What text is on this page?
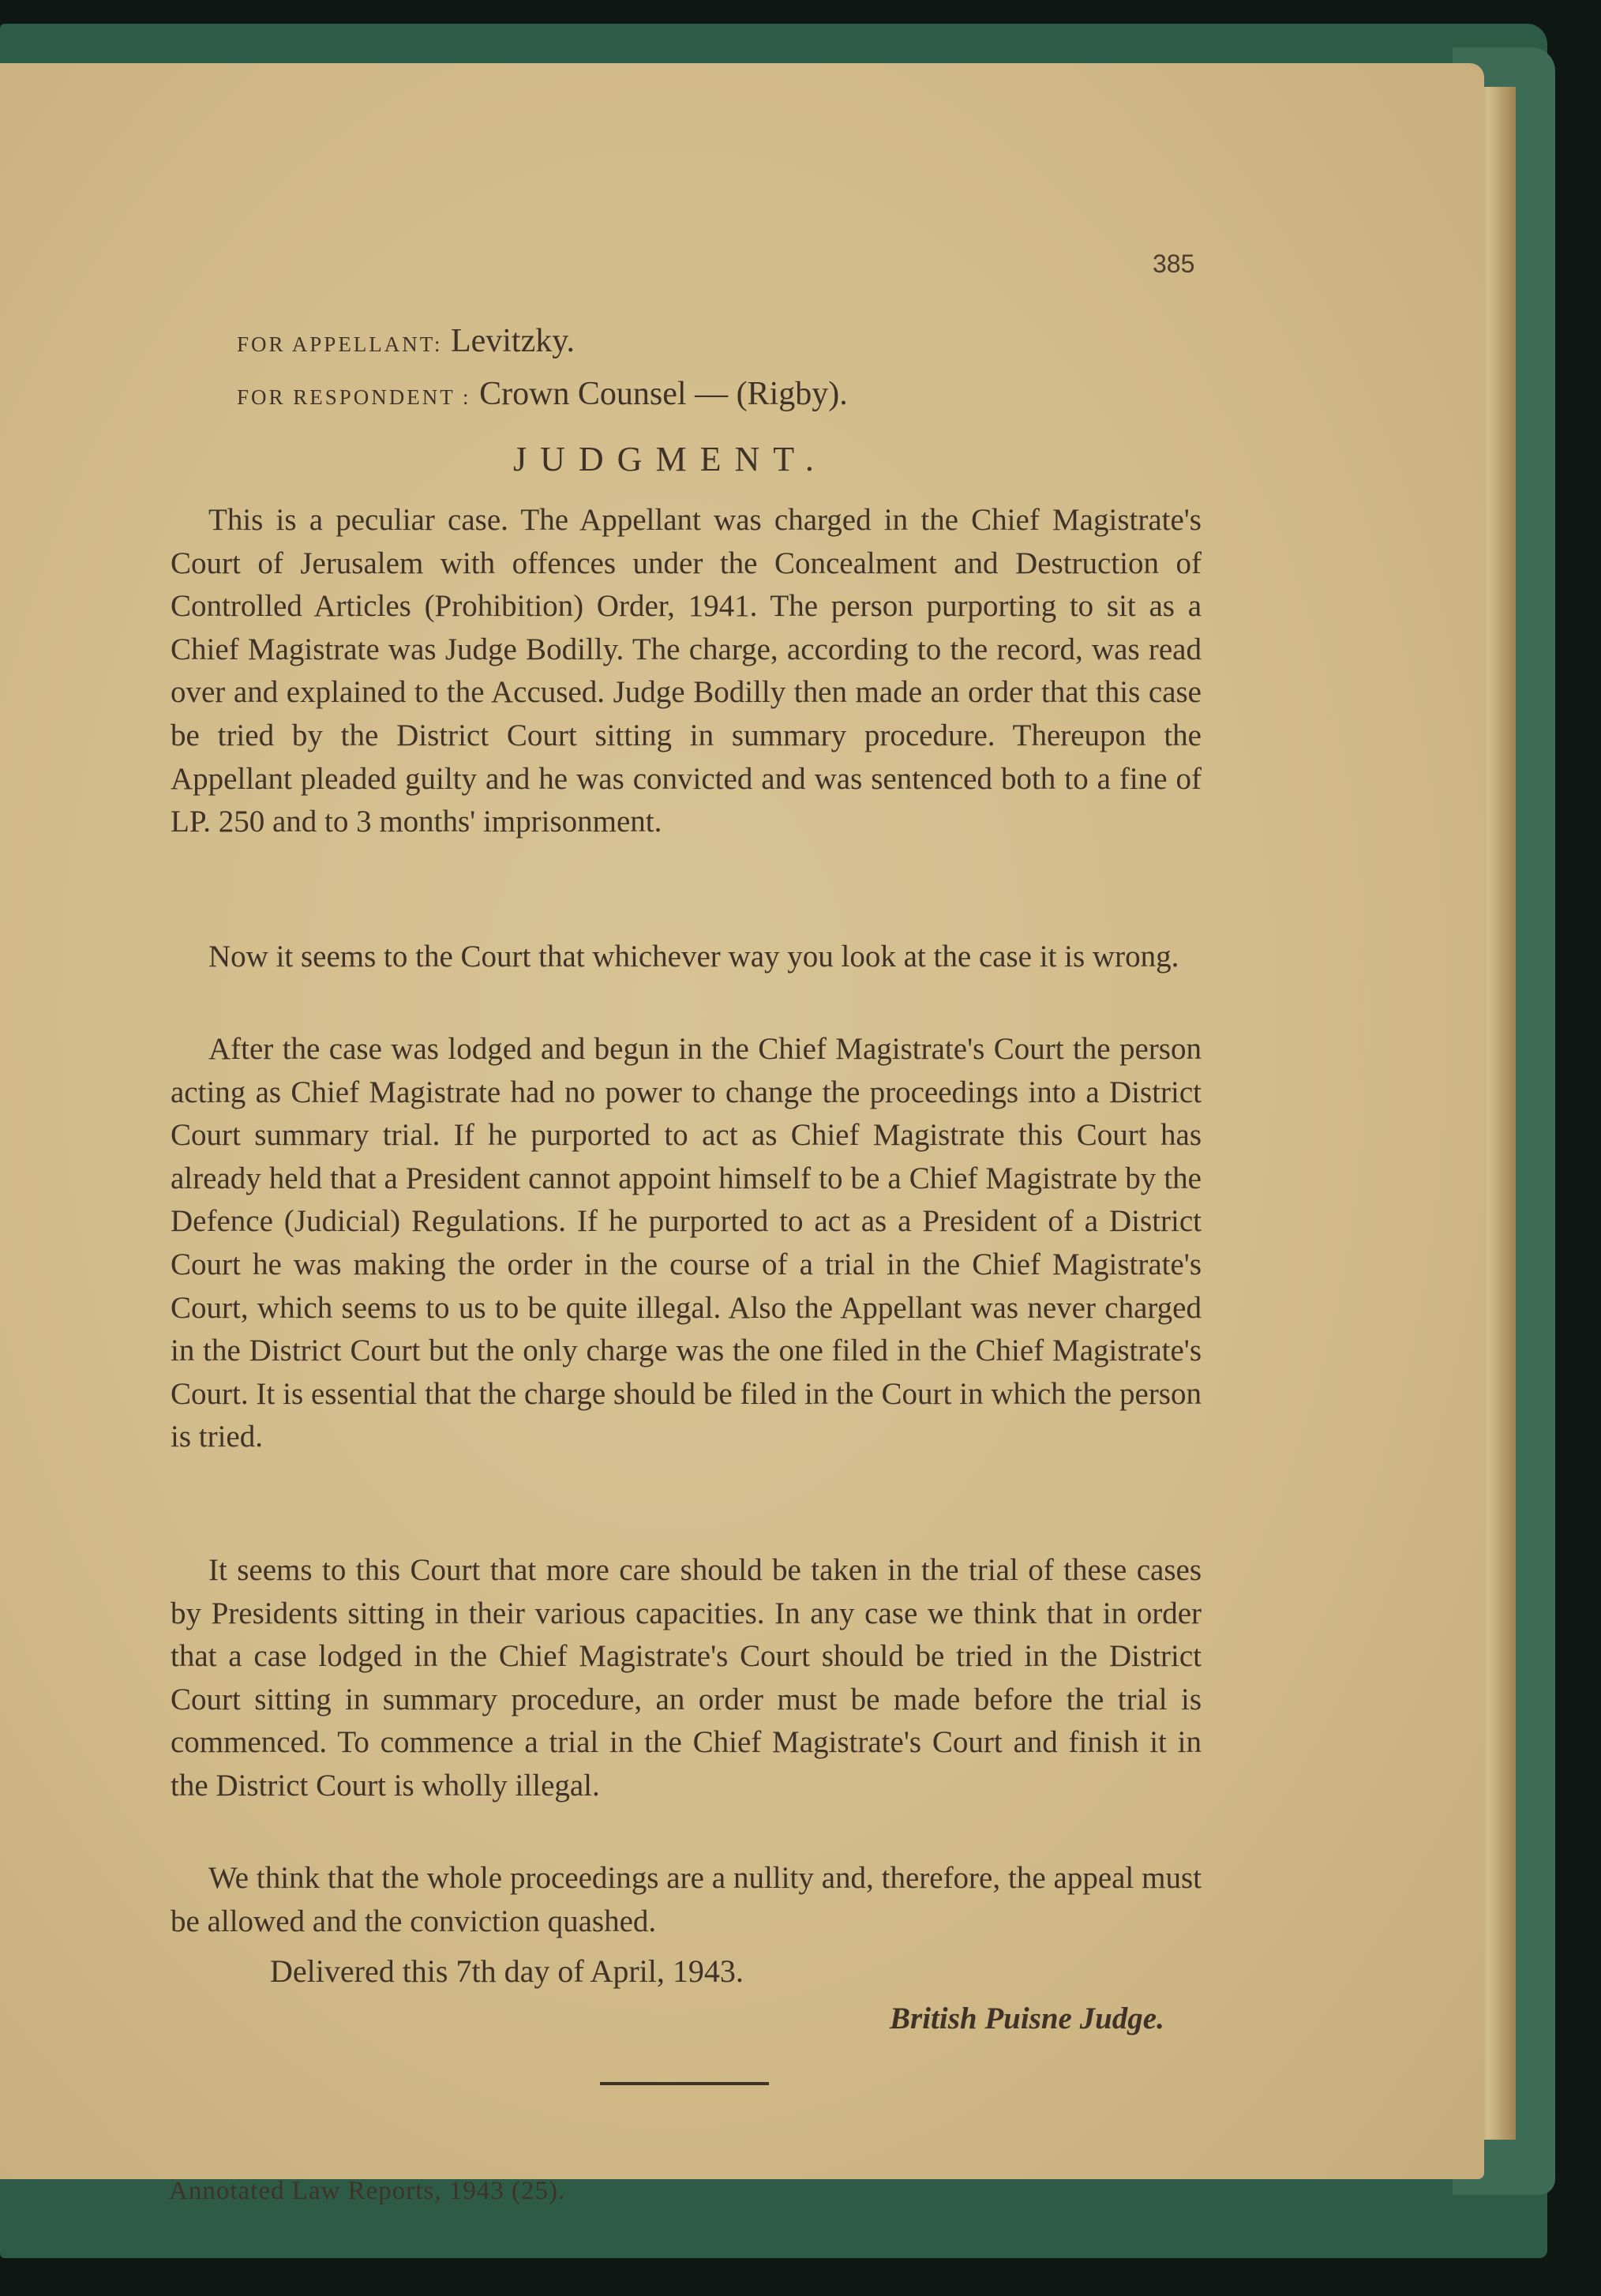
385
FOR APPELLANT: Levitzky.
FOR RESPONDENT : Crown Counsel — (Rigby).
JUDGMENT.

This is a peculiar case. The Appellant was charged in the Chief Magistrate's Court of Jerusalem with offences under the Concealment and Destruction of Controlled Articles (Prohibition) Order, 1941. The person purporting to sit as a Chief Magistrate was Judge Bodilly. The charge, according to the record, was read over and explained to the Accused. Judge Bodilly then made an order that this case be tried by the District Court sitting in summary procedure. Thereupon the Appellant pleaded guilty and he was convicted and was sentenced both to a fine of LP. 250 and to 3 months' imprisonment.

Now it seems to the Court that whichever way you look at the case it is wrong.

After the case was lodged and begun in the Chief Magistrate's Court the person acting as Chief Magistrate had no power to change the proceedings into a District Court summary trial. If he purported to act as Chief Magistrate this Court has already held that a President cannot appoint himself to be a Chief Magistrate by the Defence (Judicial) Regulations. If he purported to act as a President of a District Court he was making the order in the course of a trial in the Chief Magistrate's Court, which seems to us to be quite illegal. Also the Appellant was never charged in the District Court but the only charge was the one filed in the Chief Magistrate's Court. It is essential that the charge should be filed in the Court in which the person is tried.

It seems to this Court that more care should be taken in the trial of these cases by Presidents sitting in their various capacities. In any case we think that in order that a case lodged in the Chief Magistrate's Court should be tried in the District Court sitting in summary procedure, an order must be made before the trial is commenced. To commence a trial in the Chief Magistrate's Court and finish it in the District Court is wholly illegal.

We think that the whole proceedings are a nullity and, therefore, the appeal must be allowed and the conviction quashed.

Delivered this 7th day of April, 1943.
British Puisne Judge.
Annotated Law Reports, 1943 (25).
